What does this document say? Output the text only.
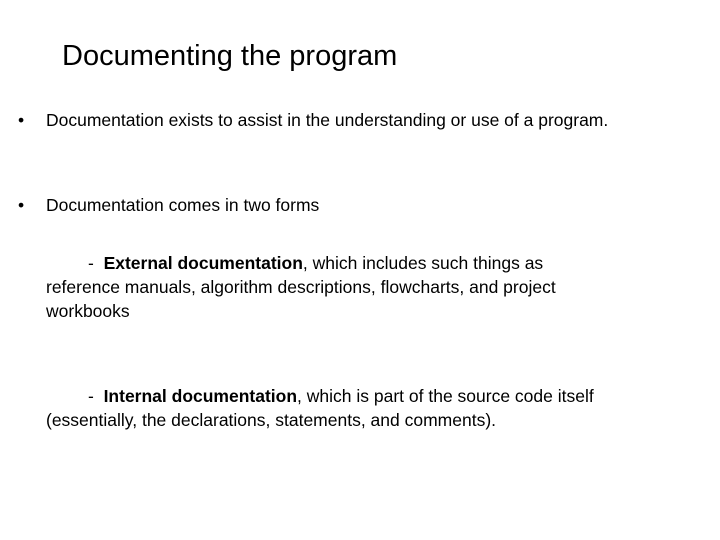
Documenting the program
• Documentation exists to assist in the understanding or use of a program.
• Documentation comes in two forms
- External documentation, which includes such things as
reference manuals, algorithm descriptions, flowcharts, and project
workbooks
- Internal documentation, which is part of the source code itself
(essentially, the declarations, statements, and comments).
